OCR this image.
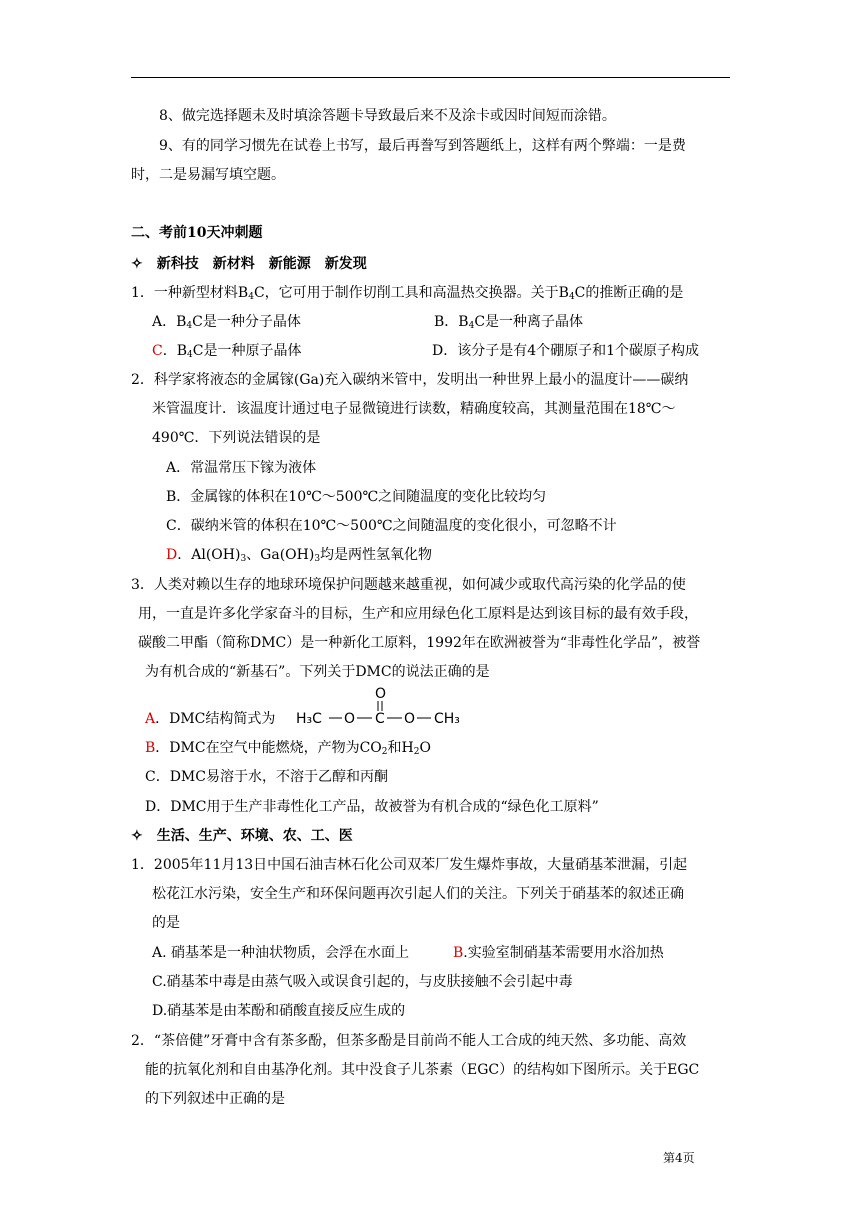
8、做完选择题未及时填涂答题卡导致最后来不及涂卡或因时间短而涂错。
9、有的同学习惯先在试卷上书写，最后再誊写到答题纸上，这样有两个弊端：一是费
时，二是易漏写填空题。
二、考前10天冲刺题
✧　新科技　新材料　新能源　新发现
1．一种新型材料$B_4C$，它可用于制作切削工具和高温热交换器。关于$B_4C$的推断正确的是
A．$B_4C$是一种分子晶体	B．$B_4C$是一种离子晶体
C．$B_4C$是一种原子晶体	D．该分子是有4个硼原子和1个碳原子构成
2．科学家将液态的金属镓(Ga)充入碳纳米管中，发明出一种世界上最小的温度计——碳纳
米管温度计．该温度计通过电子显微镜进行读数，精确度较高，其测量范围在18℃～
490℃．下列说法错误的是
A．常温常压下镓为液体
B．金属镓的体积在10℃～500℃之间随温度的变化比较均匀
C．碳纳米管的体积在10℃～500℃之间随温度的变化很小，可忽略不计
D．$Al(OH)_3$、$Ga(OH)_3$均是两性氢氧化物
3．人类对赖以生存的地球环境保护问题越来越重视，如何减少或取代高污染的化学品的使
用，一直是许多化学家奋斗的目标，生产和应用绿色化工原料是达到该目标的最有效手段，
碳酸二甲酯（简称DMC）是一种新化工原料，1992年在欧洲被誉为“非毒性化学品”，被誉
为有机合成的“新基石”。下列关于DMC的说法正确的是
A．DMC结构简式为 H₃C O C
O
O CH₃
B．DMC在空气中能燃烧，产物为$CO_2$和$H_2O$
C．DMC易溶于水，不溶于乙醇和丙酮
D．DMC用于生产非毒性化工产品，故被誉为有机合成的“绿色化工原料”
✧　生活、生产、环境、农、工、医
1．2005年11月13日中国石油吉林石化公司双苯厂发生爆炸事故，大量硝基苯泄漏，引起
松花江水污染，安全生产和环保问题再次引起人们的关注。下列关于硝基苯的叙述正确
的是
A. 硝基苯是一种油状物质，会浮在水面上	B.实验室制硝基苯需要用水浴加热
C.硝基苯中毒是由蒸气吸入或误食引起的，与皮肤接触不会引起中毒
D.硝基苯是由苯酚和硝酸直接反应生成的
2．“茶倍健”牙膏中含有茶多酚，但茶多酚是目前尚不能人工合成的纯天然、多功能、高效
能的抗氧化剂和自由基净化剂。其中没食子儿茶素（EGC）的结构如下图所示。关于EGC
的下列叙述中正确的是
第4页
